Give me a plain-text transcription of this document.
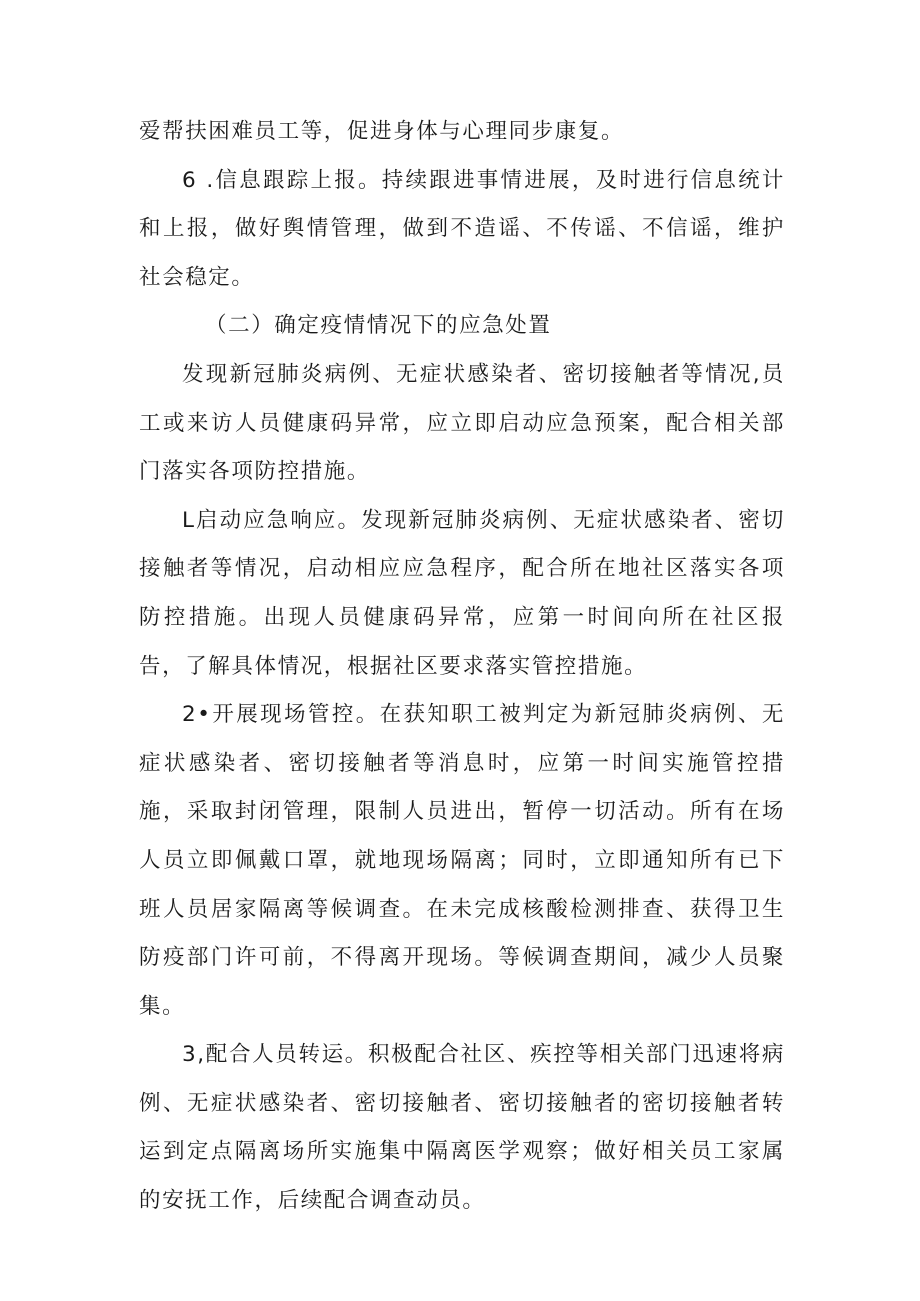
爱帮扶困难员工等，促进身体与心理同步康复。

6 .信息跟踪上报。持续跟进事情进展，及时进行信息统计和上报，做好舆情管理，做到不造谣、不传谣、不信谣，维护社会稳定。

（二）确定疫情情况下的应急处置

发现新冠肺炎病例、无症状感染者、密切接触者等情况,员工或来访人员健康码异常，应立即启动应急预案，配合相关部门落实各项防控措施。

L启动应急响应。发现新冠肺炎病例、无症状感染者、密切接触者等情况，启动相应应急程序，配合所在地社区落实各项防控措施。出现人员健康码异常，应第一时间向所在社区报告，了解具体情况，根据社区要求落实管控措施。

2•开展现场管控。在获知职工被判定为新冠肺炎病例、无症状感染者、密切接触者等消息时，应第一时间实施管控措施，采取封闭管理，限制人员进出，暂停一切活动。所有在场人员立即佩戴口罩，就地现场隔离；同时，立即通知所有已下班人员居家隔离等候调查。在未完成核酸检测排查、获得卫生防疫部门许可前，不得离开现场。等候调查期间，减少人员聚集。

3,配合人员转运。积极配合社区、疾控等相关部门迅速将病例、无症状感染者、密切接触者、密切接触者的密切接触者转运到定点隔离场所实施集中隔离医学观察；做好相关员工家属的安抚工作，后续配合调查动员。
